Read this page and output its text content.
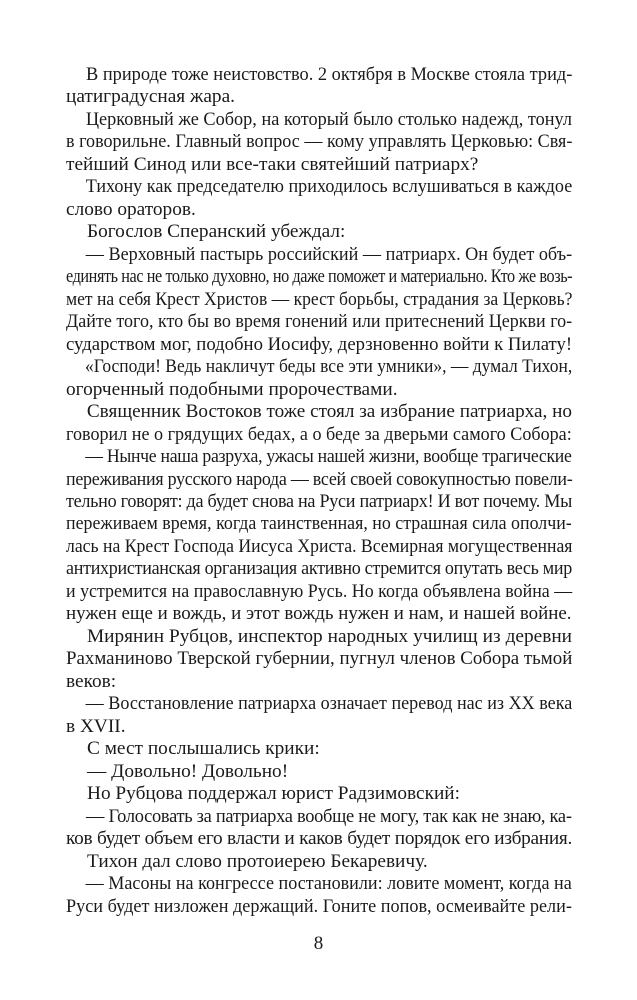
В природе тоже неистовство. 2 октября в Москве стояла трид-
цатиградусная жара.
Церковный же Собор, на который было столько надежд, тонул
в говорильне. Главный вопрос — кому управлять Церковью: Свя-
тейший Синод или все-таки святейший патриарх?
Тихону как председателю приходилось вслушиваться в каждое
слово ораторов.
Богослов Сперанский убеждал:
— Верховный пастырь российский — патриарх. Он будет объ-
единять нас не только духовно, но даже поможет и материально. Кто же возь-
мет на себя Крест Христов — крест борьбы, страдания за Церковь?
Дайте того, кто бы во время гонений или притеснений Церкви го-
сударством мог, подобно Иосифу, дерзновенно войти к Пилату!
«Господи! Ведь накличут беды все эти умники», — думал Тихон,
огорченный подобными пророчествами.
Священник Востоков тоже стоял за избрание патриарха, но
говорил не о грядущих бедах, а о беде за дверьми самого Собора:
— Нынче наша разруха, ужасы нашей жизни, вообще трагические
переживания русского народа — всей своей совокупностью повели-
тельно говорят: да будет снова на Руси патриарх! И вот почему. Мы
переживаем время, когда таинственная, но страшная сила ополчи-
лась на Крест Господа Иисуса Христа. Всемирная могущественная
антихристианская организация активно стремится опутать весь мир
и устремится на православную Русь. Но когда объявлена война —
нужен еще и вождь, и этот вождь нужен и нам, и нашей войне.
Мирянин Рубцов, инспектор народных училищ из деревни
Рахманиново Тверской губернии, пугнул членов Собора тьмой
веков:
— Восстановление патриарха означает перевод нас из XX века
в XVII.
С мест послышались крики:
— Довольно! Довольно!
Но Рубцова поддержал юрист Радзимовский:
— Голосовать за патриарха вообще не могу, так как не знаю, ка-
ков будет объем его власти и каков будет порядок его избрания.
Тихон дал слово протоиерею Бекаревичу.
— Масоны на конгрессе постановили: ловите момент, когда на
Руси будет низложен держащий. Гоните попов, осмеивайте рели-
8
